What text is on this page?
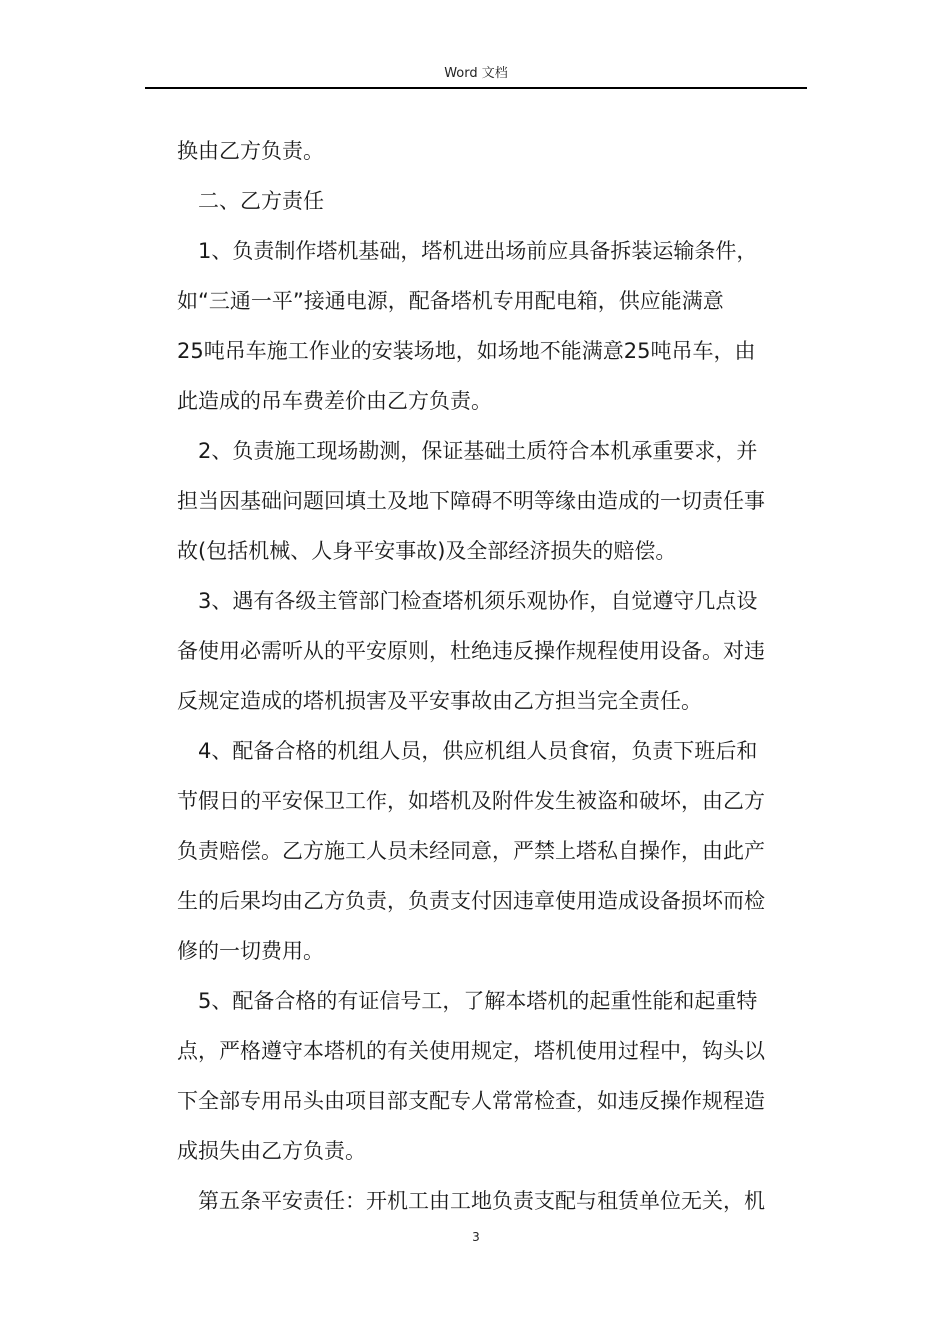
Word 文档
换由乙方负责。
　二、乙方责任
　1、负责制作塔机基础，塔机进出场前应具备拆装运输条件，
如“三通一平”接通电源，配备塔机专用配电箱，供应能满意
25吨吊车施工作业的安装场地，如场地不能满意25吨吊车，由
此造成的吊车费差价由乙方负责。
　2、负责施工现场勘测，保证基础土质符合本机承重要求，并
担当因基础问题回填土及地下障碍不明等缘由造成的一切责任事
故(包括机械、人身平安事故)及全部经济损失的赔偿。
　3、遇有各级主管部门检查塔机须乐观协作，自觉遵守几点设
备使用必需听从的平安原则，杜绝违反操作规程使用设备。对违
反规定造成的塔机损害及平安事故由乙方担当完全责任。
　4、配备合格的机组人员，供应机组人员食宿，负责下班后和
节假日的平安保卫工作，如塔机及附件发生被盗和破坏，由乙方
负责赔偿。乙方施工人员未经同意，严禁上塔私自操作，由此产
生的后果均由乙方负责，负责支付因违章使用造成设备损坏而检
修的一切费用。
　5、配备合格的有证信号工，了解本塔机的起重性能和起重特
点，严格遵守本塔机的有关使用规定，塔机使用过程中，钩头以
下全部专用吊头由项目部支配专人常常检查，如违反操作规程造
成损失由乙方负责。
　第五条平安责任：开机工由工地负责支配与租赁单位无关，机
3
